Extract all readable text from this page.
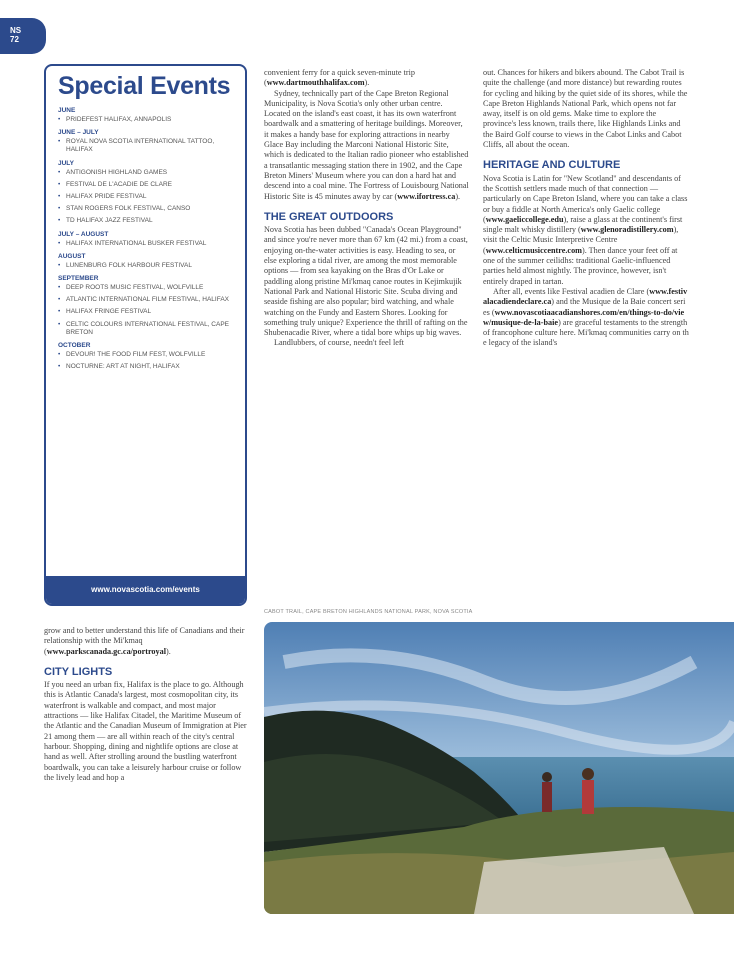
NS
72
Special Events
JUNE
• PRIDEFEST HALIFAX, ANNAPOLIS
JUNE – JULY
• ROYAL NOVA SCOTIA INTERNATIONAL TATTOO, HALIFAX
JULY
• ANTIGONISH HIGHLAND GAMES
• FESTIVAL DE L'ACADIE DE CLARE
• HALIFAX PRIDE FESTIVAL
• STAN ROGERS FOLK FESTIVAL, CANSO
• TD HALIFAX JAZZ FESTIVAL
JULY – AUGUST
• HALIFAX INTERNATIONAL BUSKER FESTIVAL
AUGUST
• LUNENBURG FOLK HARBOUR FESTIVAL
SEPTEMBER
• DEEP ROOTS MUSIC FESTIVAL, WOLFVILLE
• ATLANTIC INTERNATIONAL FILM FESTIVAL, HALIFAX
• HALIFAX FRINGE FESTIVAL
• CELTIC COLOURS INTERNATIONAL FESTIVAL, CAPE BRETON
OCTOBER
• DEVOUR! THE FOOD FILM FEST, WOLFVILLE
• NOCTURNE: ART AT NIGHT, HALIFAX
www.novascotia.com/events

convenient ferry for a quick seven-minute trip (www.dartmouthhalifax.com).

Sydney, technically part of the Cape Breton Regional Municipality, is Nova Scotia's only other urban centre. Located on the island's east coast, it has its own waterfront boardwalk and a smattering of heritage buildings. Moreover, it makes a handy base for exploring attractions in nearby Glace Bay including the Marconi National Historic Site, which is dedicated to the Italian radio pioneer who established a transatlantic messaging station there in 1902, and the Cape Breton Miners' Museum where you can don a hard hat and descend into a coal mine. The Fortress of Louisbourg National Historic Site is 45 minutes away by car (www.ifortress.ca).

THE GREAT OUTDOORS

Nova Scotia has been dubbed "Canada's Ocean Playground" and since you're never more than 67 km (42 mi.) from a coast, enjoying on-the-water activities is easy. Heading to sea, or else exploring a tidal river, are among the most memorable options — from sea kayaking on the Bras d'Or Lake or paddling along pristine Mi'kmaq canoe routes in Kejimkujik National Park and National Historic Site. Scuba diving and seaside fishing are also popular; bird watching, and whale watching on the Fundy and Eastern Shores. Looking for something truly unique? Experience the thrill of rafting on the Shubenacadie River, where a tidal bore whips up big waves.

Landlubbers, of course, needn't feel left

out. Chances for hikers and bikers abound. The Cabot Trail is quite the challenge (and more distance) but rewarding routes for cycling and hiking by the quiet side of its shores, while the Cape Breton Highlands National Park, which opens not far away, itself is on old gems. Make time to explore the province's less known, trails there, like Highlands Links and the Baird Golf course to views in the Cabot Links and Cabot Cliffs, all about the ocean.

HERITAGE AND CULTURE

Nova Scotia is Latin for "New Scotland" and descendants of the Scottish settlers made much of that connection — particularly on Cape Breton Island, where you can take a class or buy a fiddle at North America's only Gaelic college (www.gaeliccollege.edu), raise a glass at the continent's first single malt whisky distillery (www.glenoradistillery.com), visit the Celtic Music Interpretive Centre (www.celticmusiccentre.com). Then dance your feet off at one of the summer ceilidhs: traditional Gaelic-influenced parties held almost nightly. The province, however, isn't entirely draped in tartan.

After all, events like Festival acadien de Clare (www.festivalacadiendeclare.ca) and the Musique de la Baie concert series (www.novascotiaacadianshores.com/en/things-to-do/view/musique-de-la-baie) are graceful testaments to the strength of francophone culture here. Mi'kmaq communities carry on the legacy of the island's

grow and to better understand this life of Canadians and their relationship with the Mi'kmaq (www.parkscanada.gc.ca/portroyal).

CITY LIGHTS

If you need an urban fix, Halifax is the place to go. Although this is Atlantic Canada's largest, most cosmopolitan city, its waterfront is walkable and compact, and most major attractions — like Halifax Citadel, the Maritime Museum of the Atlantic and the Canadian Museum of Immigration at Pier 21 among them — are all within reach of the city's central harbour. Shopping, dining and nightlife options are close at hand as well. After strolling around the bustling waterfront boardwalk, you can take a leisurely harbour cruise or follow the lively lead and hop a

CABOT TRAIL, CAPE BRETON HIGHLANDS NATIONAL PARK, NOVA SCOTIA
